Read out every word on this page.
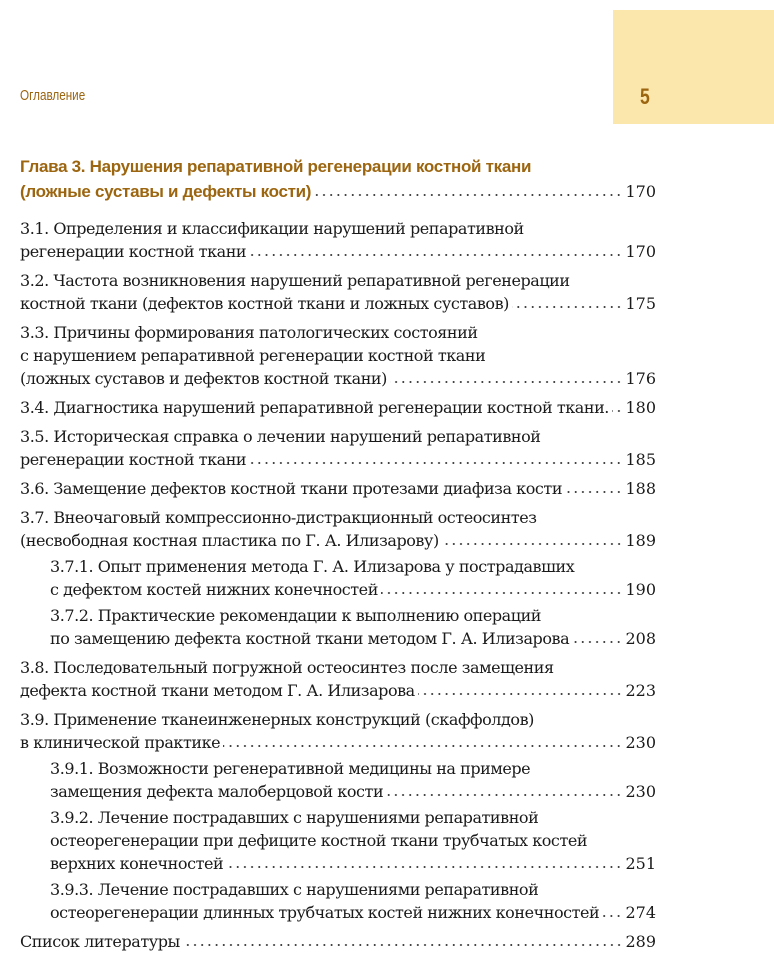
5
Оглавление
Глава 3. Нарушения репаративной регенерации костной ткани
(ложные суставы и дефекты кости)	170
3.1. Определения и классификации нарушений репаративной
регенерации костной ткани	170
3.2. Частота возникновения нарушений репаративной регенерации
костной ткани (дефектов костной ткани и ложных суставов)	175
3.3. Причины формирования патологических состояний
с нарушением репаративной регенерации костной ткани
(ложных суставов и дефектов костной ткани)	176
3.4. Диагностика нарушений репаративной регенерации костной ткани. 180
3.5. Историческая справка о лечении нарушений репаративной
регенерации костной ткани	185
3.6. Замещение дефектов костной ткани протезами диафиза кости	188
3.7. Внеочаговый компрессионно-дистракционный остеосинтез
(несвободная костная пластика по Г. А. Илизарову)	189
3.7.1. Опыт применения метода Г. А. Илизарова у пострадавших
с дефектом костей нижних конечностей	190
3.7.2. Практические рекомендации к выполнению операций
по замещению дефекта костной ткани методом Г. А. Илизарова	208
3.8. Последовательный погружной остеосинтез после замещения
дефекта костной ткани методом Г. А. Илизарова	223
3.9. Применение тканеинженерных конструкций (скаффолдов)
в клинической практике	230
3.9.1. Возможности регенеративной медицины на примере
замещения дефекта малоберцовой кости	230
3.9.2. Лечение пострадавших с нарушениями репаративной
остеорегенерации при дефиците костной ткани трубчатых костей
верхних конечностей	251
3.9.3. Лечение пострадавших с нарушениями репаративной
остеорегенерации длинных трубчатых костей нижних конечностей 274
Список литературы	289
